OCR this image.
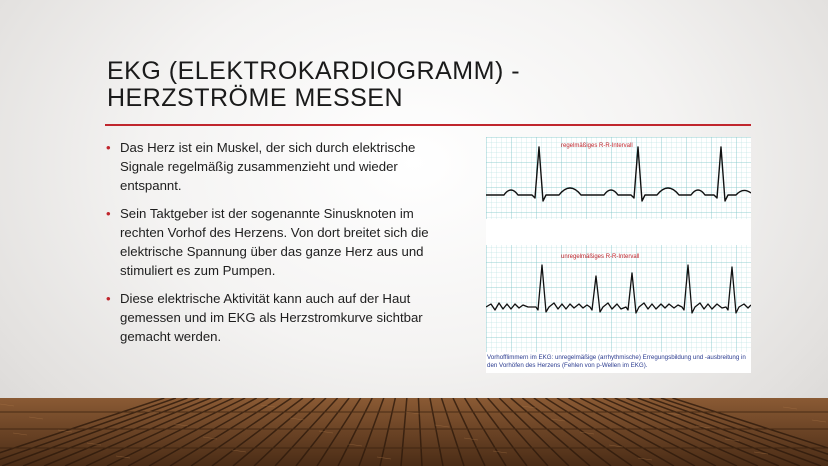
EKG (ELEKTROKARDIOGRAMM) -
HERZSTRÖME MESSEN
• Das Herz ist ein Muskel, der sich durch elektrische Signale regelmäßig zusammenzieht und wieder entspannt.
• Sein Taktgeber ist der sogenannte Sinusknoten im rechten Vorhof des Herzens. Von dort breitet sich die elektrische Spannung über das ganze Herz aus und stimuliert es zum Pumpen.
• Diese elektrische Aktivität kann auch auf der Haut gemessen und im EKG als Herzstromkurve sichtbar gemacht werden.
regelmäßiges R-R-Intervall
unregelmäßiges R-R-Intervall
Vorhofflimmern im EKG: unregelmäßige (arrhythmische) Erregungsbildung und -ausbreitung in den Vorhöfen des Herzens (Fehlen von p-Wellen im EKG).
